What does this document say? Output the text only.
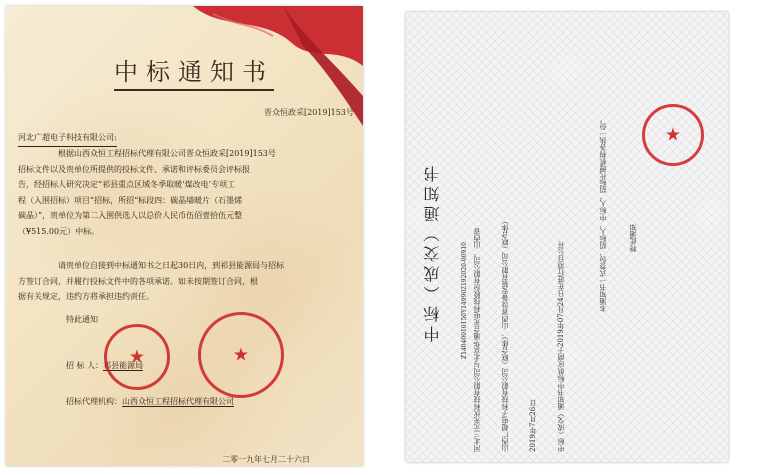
中标通知书
晋众恒政采[2019]153号
河北广超电子科技有限公司:
根据山西众恒工程招标代理有限公司晋众恒政采[2019]153号
招标文件以及贵单位所提供的投标文件、承诺和评标委员会评标报
告，经招标人研究决定“祁县重点区域冬季取暖‘煤改电’专项工
程（入围招标）项目”招标，所招“标段四：碳晶墙暖片（石墨烯
碳晶）”，贵单位为第二入围供选人以总价人民币伍佰壹拾伍元整
（¥515.00元）中标。
请贵单位自接到中标通知书之日起30日内，到祁县能源局与招标
方签订合同，并履行投标文件中的各项承诺。如未按期签订合同，根
据有关规定，违约方将承担违约责任。
特此通知
招 标 人：祁县能源局
招标代理机构：山西众恒工程招标代理有限公司
二零一九年七月二十六日
★	★
中标（成交）通知书	Z14040010150Y149902192020-00910 河北三元光伏科技有限公司与北京华通合光电科技股份有限公司、山西省	山西广超电子科技有限公司（联合体）、山西省设备安装有限公司（联合体）	2019年7月26日	中标（成交）通知书中标供应商于2019年07月24日在进行项目公开
本通知书一式叁份，招标人、中标人、招标代理机构各执一份。	特此通知
★
